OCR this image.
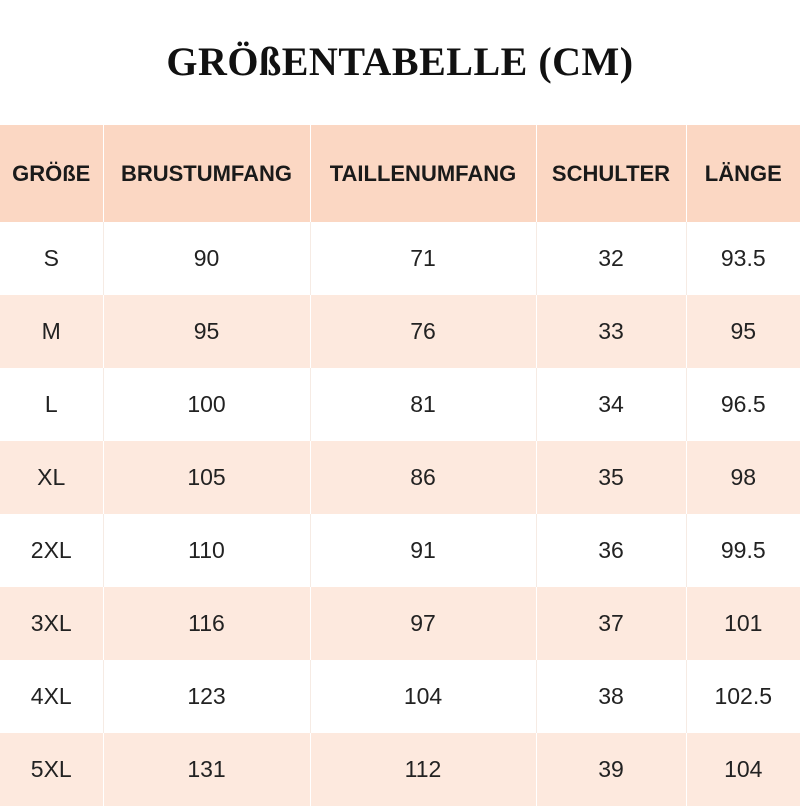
GRÖßENTABELLE (CM)
GRÖßE	BRUSTUMFANG	TAILLENUMFANG	SCHULTER	LÄNGE
S	90	71	32	93.5
M	95	76	33	95
L	100	81	34	96.5
XL	105	86	35	98
2XL	110	91	36	99.5
3XL	116	97	37	101
4XL	123	104	38	102.5
5XL	131	112	39	104
